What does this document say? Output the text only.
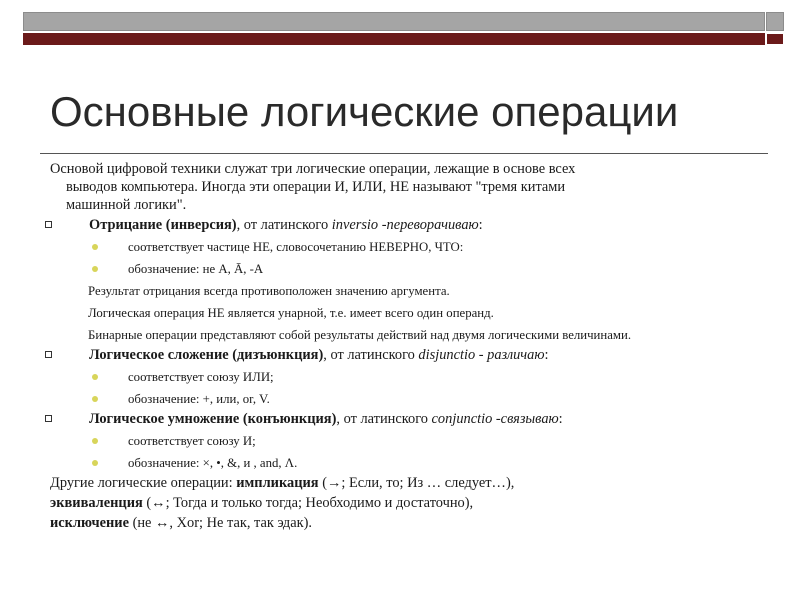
Основные логические операции

Основой цифровой техники служат три логические операции, лежащие в основе всех
выводов компьютера. Иногда эти операции И, ИЛИ, НЕ называют "тремя китами
машинной логики".

Отрицание (инверсия), от латинского inversio -переворачиваю:

соответствует частице НЕ, словосочетанию НЕВЕРНО, ЧТО:

обозначение: не А, Ā, -А

Результат отрицания всегда противоположен значению аргумента.

Логическая операция НЕ является унарной, т.е. имеет всего один операнд.

Бинарные операции представляют собой результаты действий над двумя логическими величинами.

Логическое сложение (дизъюнкция), от латинского disjunctio - различаю:

соответствует союзу ИЛИ;

обозначение: +, или, or, V.

Логическое умножение (конъюнкция), от латинского conjunctio -связываю:

соответствует союзу И;

обозначение: ×, •, &, и , and, Λ.

Другие логические операции: импликация (→; Если, то; Из … следует…),

эквиваленция (↔; Тогда и только тогда; Необходимо и достаточно),

исключение (не ↔, Xor; Не так, так эдак).
